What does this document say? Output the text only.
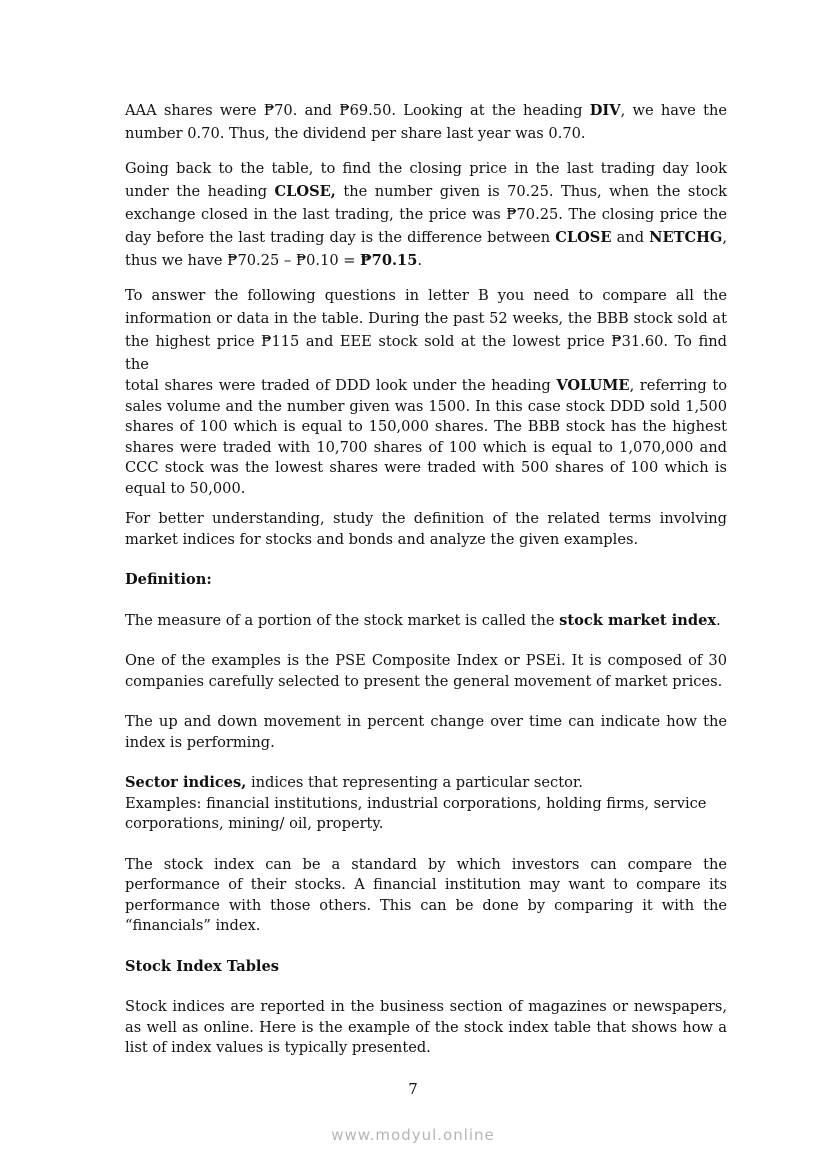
AAA shares were ₱70. and ₱69.50. Looking at the heading DIV, we have the number 0.70. Thus, the dividend per share last year was 0.70.

Going back to the table, to find the closing price in the last trading day look under the heading CLOSE, the number given is 70.25. Thus, when the stock exchange closed in the last trading, the price was ₱70.25. The closing price the day before the last trading day is the difference between CLOSE and NETCHG, thus we have ₱70.25 – ₱0.10 = ₱70.15.

To answer the following questions in letter B you need to compare all the information or data in the table. During the past 52 weeks, the BBB stock sold at the highest price ₱115 and EEE stock sold at the lowest price ₱31.60. To find the

total shares were traded of DDD look under the heading VOLUME, referring to sales volume and the number given was 1500. In this case stock DDD sold 1,500 shares of 100 which is equal to 150,000 shares. The BBB stock has the highest shares were traded with 10,700 shares of 100 which is equal to 1,070,000 and CCC stock was the lowest shares were traded with 500 shares of 100 which is equal to 50,000.

For better understanding, study the definition of the related terms involving market indices for stocks and bonds and analyze the given examples.

Definition:

The measure of a portion of the stock market is called the stock market index.

One of the examples is the PSE Composite Index or PSEi. It is composed of 30 companies carefully selected to present the general movement of market prices.

The up and down movement in percent change over time can indicate how the index is performing.

Sector indices, indices that representing a particular sector.

Examples: financial institutions, industrial corporations, holding firms, service corporations, mining/ oil, property.

The stock index can be a standard by which investors can compare the performance of their stocks. A financial institution may want to compare its performance with those others. This can be done by comparing it with the “financials” index.

Stock Index Tables

Stock indices are reported in the business section of magazines or newspapers, as well as online. Here is the example of the stock index table that shows how a list of index values is typically presented.

7
www.modyul.online
